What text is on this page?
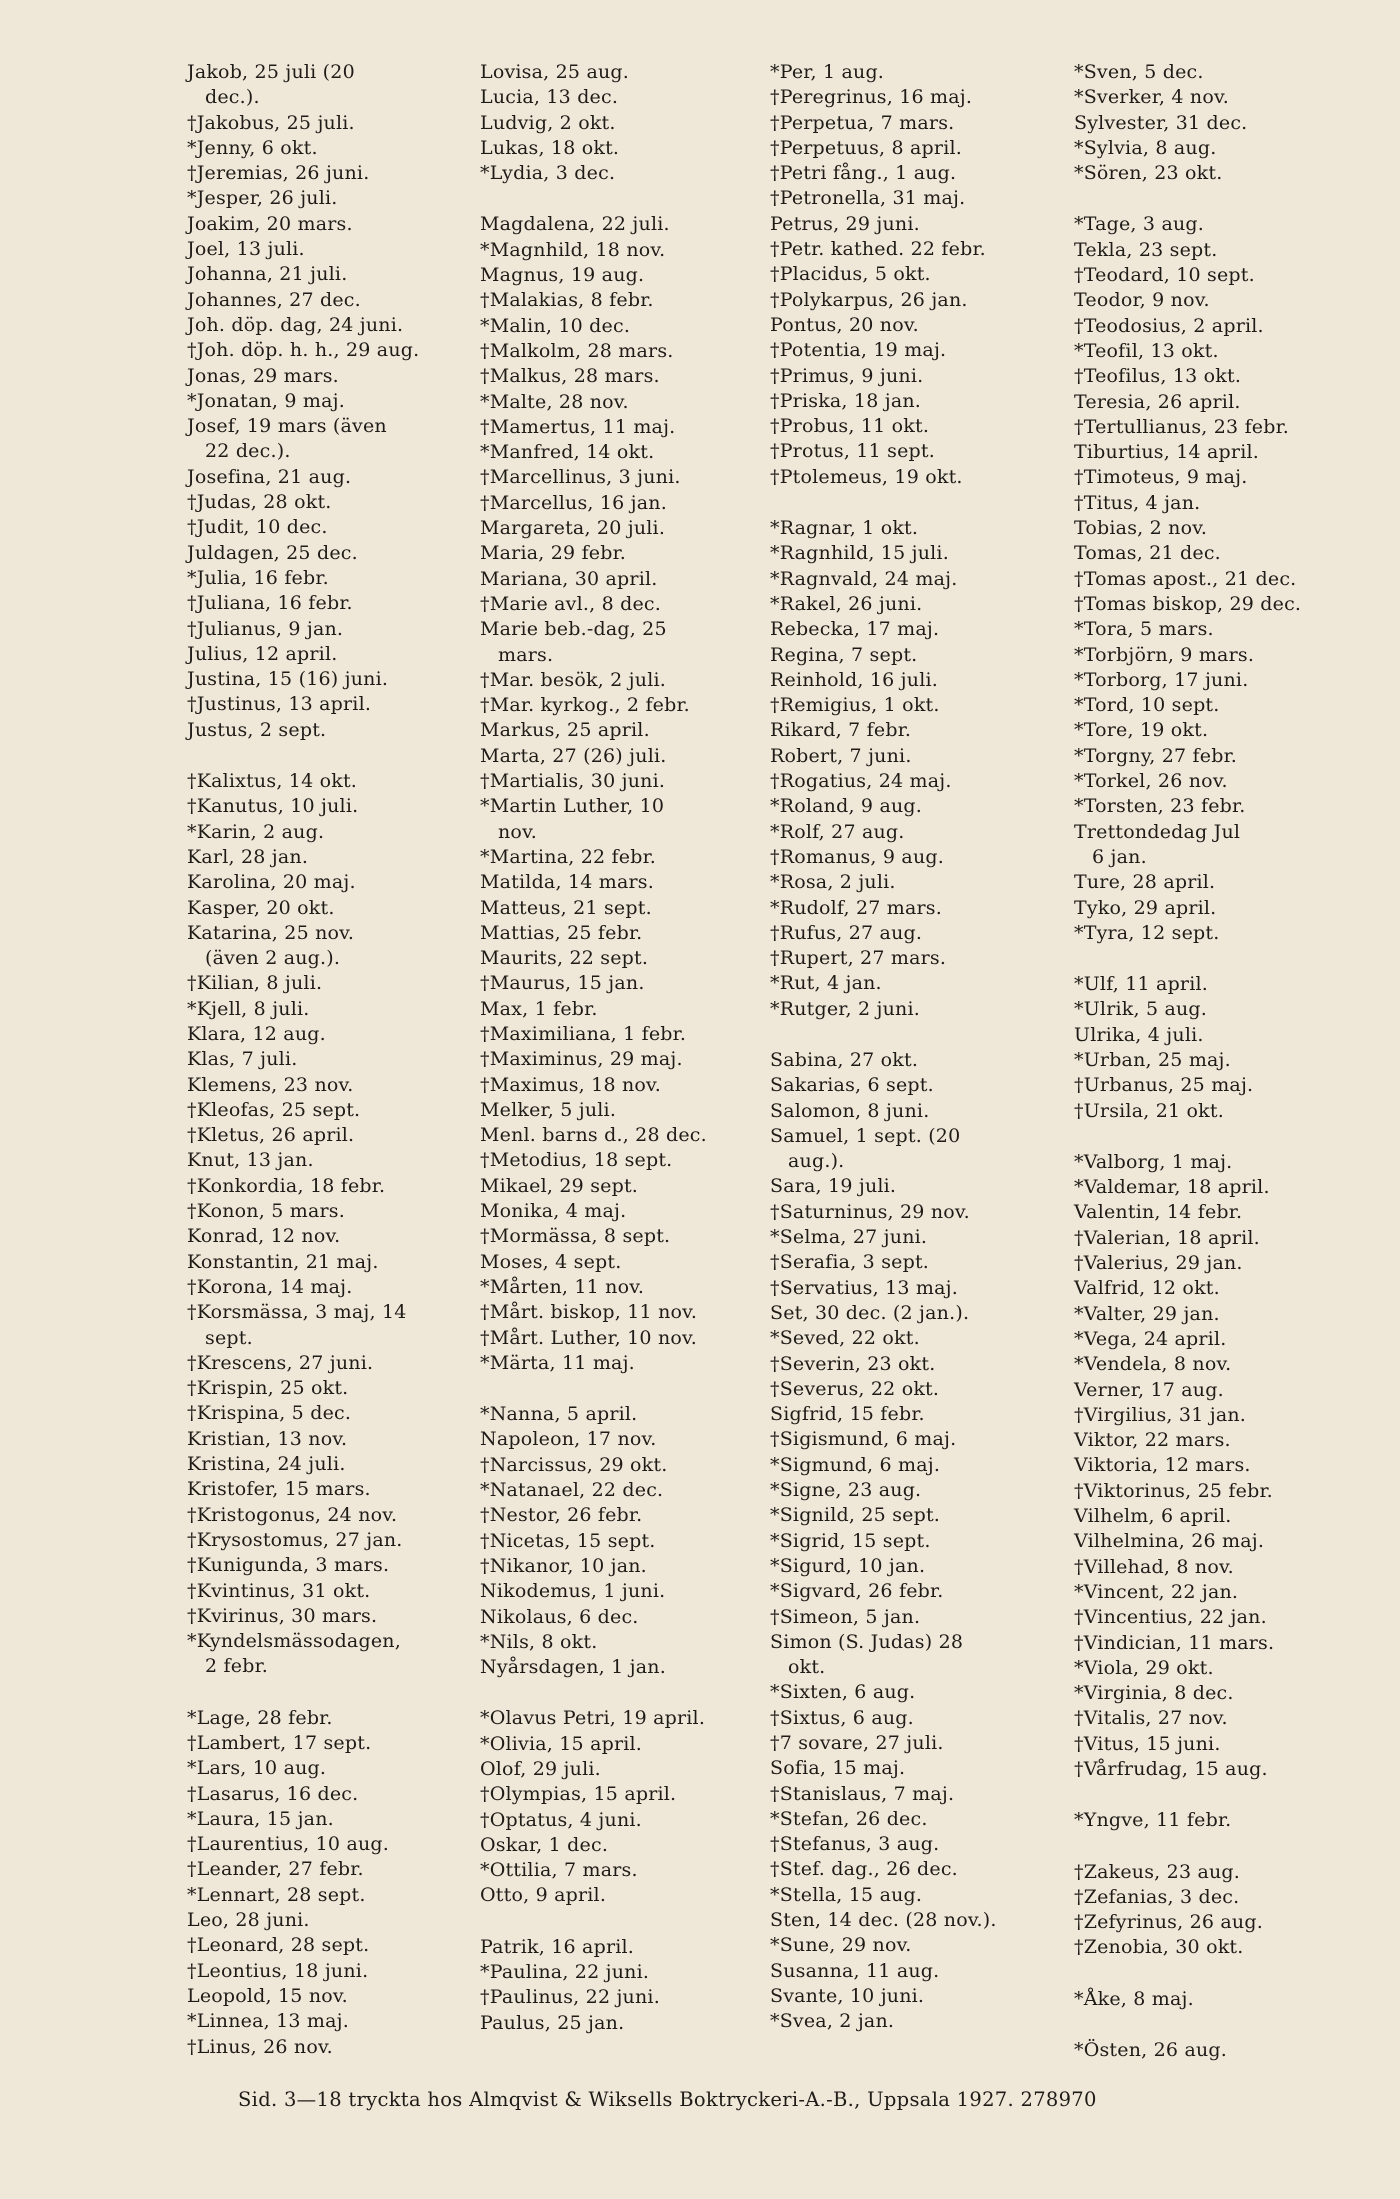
Jakob, 25 juli (20
dec.).
†Jakobus, 25 juli.
*Jenny, 6 okt.
†Jeremias, 26 juni.
*Jesper, 26 juli.
Joakim, 20 mars.
Joel, 13 juli.
Johanna, 21 juli.
Johannes, 27 dec.
Joh. döp. dag, 24 juni.
†Joh. döp. h. h., 29 aug.
Jonas, 29 mars.
*Jonatan, 9 maj.
Josef, 19 mars (även
22 dec.).
Josefina, 21 aug.
†Judas, 28 okt.
†Judit, 10 dec.
Juldagen, 25 dec.
*Julia, 16 febr.
†Juliana, 16 febr.
†Julianus, 9 jan.
Julius, 12 april.
Justina, 15 (16) juni.
†Justinus, 13 april.
Justus, 2 sept.
†Kalixtus, 14 okt.
†Kanutus, 10 juli.
*Karin, 2 aug.
Karl, 28 jan.
Karolina, 20 maj.
Kasper, 20 okt.
Katarina, 25 nov.
(även 2 aug.).
†Kilian, 8 juli.
*Kjell, 8 juli.
Klara, 12 aug.
Klas, 7 juli.
Klemens, 23 nov.
†Kleofas, 25 sept.
†Kletus, 26 april.
Knut, 13 jan.
†Konkordia, 18 febr.
†Konon, 5 mars.
Konrad, 12 nov.
Konstantin, 21 maj.
†Korona, 14 maj.
†Korsmässa, 3 maj, 14
sept.
†Krescens, 27 juni.
†Krispin, 25 okt.
†Krispina, 5 dec.
Kristian, 13 nov.
Kristina, 24 juli.
Kristofer, 15 mars.
†Kristogonus, 24 nov.
†Krysostomus, 27 jan.
†Kunigunda, 3 mars.
†Kvintinus, 31 okt.
†Kvirinus, 30 mars.
*Kyndelsmässodagen,
2 febr.
*Lage, 28 febr.
†Lambert, 17 sept.
*Lars, 10 aug.
†Lasarus, 16 dec.
*Laura, 15 jan.
†Laurentius, 10 aug.
†Leander, 27 febr.
*Lennart, 28 sept.
Leo, 28 juni.
†Leonard, 28 sept.
†Leontius, 18 juni.
Leopold, 15 nov.
*Linnea, 13 maj.
†Linus, 26 nov.
Lovisa, 25 aug.
Lucia, 13 dec.
Ludvig, 2 okt.
Lukas, 18 okt.
*Lydia, 3 dec.
Magdalena, 22 juli.
*Magnhild, 18 nov.
Magnus, 19 aug.
†Malakias, 8 febr.
*Malin, 10 dec.
†Malkolm, 28 mars.
†Malkus, 28 mars.
*Malte, 28 nov.
†Mamertus, 11 maj.
*Manfred, 14 okt.
†Marcellinus, 3 juni.
†Marcellus, 16 jan.
Margareta, 20 juli.
Maria, 29 febr.
Mariana, 30 april.
†Marie avl., 8 dec.
Marie beb.-dag, 25
mars.
†Mar. besök, 2 juli.
†Mar. kyrkog., 2 febr.
Markus, 25 april.
Marta, 27 (26) juli.
†Martialis, 30 juni.
*Martin Luther, 10
nov.
*Martina, 22 febr.
Matilda, 14 mars.
Matteus, 21 sept.
Mattias, 25 febr.
Maurits, 22 sept.
†Maurus, 15 jan.
Max, 1 febr.
†Maximiliana, 1 febr.
†Maximinus, 29 maj.
†Maximus, 18 nov.
Melker, 5 juli.
Menl. barns d., 28 dec.
†Metodius, 18 sept.
Mikael, 29 sept.
Monika, 4 maj.
†Mormässa, 8 sept.
Moses, 4 sept.
*Mårten, 11 nov.
†Mårt. biskop, 11 nov.
†Mårt. Luther, 10 nov.
*Märta, 11 maj.
*Nanna, 5 april.
Napoleon, 17 nov.
†Narcissus, 29 okt.
*Natanael, 22 dec.
†Nestor, 26 febr.
†Nicetas, 15 sept.
†Nikanor, 10 jan.
Nikodemus, 1 juni.
Nikolaus, 6 dec.
*Nils, 8 okt.
Nyårsdagen, 1 jan.
*Olavus Petri, 19 april.
*Olivia, 15 april.
Olof, 29 juli.
†Olympias, 15 april.
†Optatus, 4 juni.
Oskar, 1 dec.
*Ottilia, 7 mars.
Otto, 9 april.
Patrik, 16 april.
*Paulina, 22 juni.
†Paulinus, 22 juni.
Paulus, 25 jan.
*Per, 1 aug.
†Peregrinus, 16 maj.
†Perpetua, 7 mars.
†Perpetuus, 8 april.
†Petri fång., 1 aug.
†Petronella, 31 maj.
Petrus, 29 juni.
†Petr. kathed. 22 febr.
†Placidus, 5 okt.
†Polykarpus, 26 jan.
Pontus, 20 nov.
†Potentia, 19 maj.
†Primus, 9 juni.
†Priska, 18 jan.
†Probus, 11 okt.
†Protus, 11 sept.
†Ptolemeus, 19 okt.
*Ragnar, 1 okt.
*Ragnhild, 15 juli.
*Ragnvald, 24 maj.
*Rakel, 26 juni.
Rebecka, 17 maj.
Regina, 7 sept.
Reinhold, 16 juli.
†Remigius, 1 okt.
Rikard, 7 febr.
Robert, 7 juni.
†Rogatius, 24 maj.
*Roland, 9 aug.
*Rolf, 27 aug.
†Romanus, 9 aug.
*Rosa, 2 juli.
*Rudolf, 27 mars.
†Rufus, 27 aug.
†Rupert, 27 mars.
*Rut, 4 jan.
*Rutger, 2 juni.
Sabina, 27 okt.
Sakarias, 6 sept.
Salomon, 8 juni.
Samuel, 1 sept. (20
aug.).
Sara, 19 juli.
†Saturninus, 29 nov.
*Selma, 27 juni.
†Serafia, 3 sept.
†Servatius, 13 maj.
Set, 30 dec. (2 jan.).
*Seved, 22 okt.
†Severin, 23 okt.
†Severus, 22 okt.
Sigfrid, 15 febr.
†Sigismund, 6 maj.
*Sigmund, 6 maj.
*Signe, 23 aug.
*Signild, 25 sept.
*Sigrid, 15 sept.
*Sigurd, 10 jan.
*Sigvard, 26 febr.
†Simeon, 5 jan.
Simon (S. Judas) 28
okt.
*Sixten, 6 aug.
†Sixtus, 6 aug.
†7 sovare, 27 juli.
Sofia, 15 maj.
†Stanislaus, 7 maj.
*Stefan, 26 dec.
†Stefanus, 3 aug.
†Stef. dag., 26 dec.
*Stella, 15 aug.
Sten, 14 dec. (28 nov.).
*Sune, 29 nov.
Susanna, 11 aug.
Svante, 10 juni.
*Svea, 2 jan.
*Sven, 5 dec.
*Sverker, 4 nov.
Sylvester, 31 dec.
*Sylvia, 8 aug.
*Sören, 23 okt.
*Tage, 3 aug.
Tekla, 23 sept.
†Teodard, 10 sept.
Teodor, 9 nov.
†Teodosius, 2 april.
*Teofil, 13 okt.
†Teofilus, 13 okt.
Teresia, 26 april.
†Tertullianus, 23 febr.
Tiburtius, 14 april.
†Timoteus, 9 maj.
†Titus, 4 jan.
Tobias, 2 nov.
Tomas, 21 dec.
†Tomas apost., 21 dec.
†Tomas biskop, 29 dec.
*Tora, 5 mars.
*Torbjörn, 9 mars.
*Torborg, 17 juni.
*Tord, 10 sept.
*Tore, 19 okt.
*Torgny, 27 febr.
*Torkel, 26 nov.
*Torsten, 23 febr.
Trettondedag Jul
6 jan.
Ture, 28 april.
Tyko, 29 april.
*Tyra, 12 sept.
*Ulf, 11 april.
*Ulrik, 5 aug.
Ulrika, 4 juli.
*Urban, 25 maj.
†Urbanus, 25 maj.
†Ursila, 21 okt.
*Valborg, 1 maj.
*Valdemar, 18 april.
Valentin, 14 febr.
†Valerian, 18 april.
†Valerius, 29 jan.
Valfrid, 12 okt.
*Valter, 29 jan.
*Vega, 24 april.
*Vendela, 8 nov.
Verner, 17 aug.
†Virgilius, 31 jan.
Viktor, 22 mars.
Viktoria, 12 mars.
†Viktorinus, 25 febr.
Vilhelm, 6 april.
Vilhelmina, 26 maj.
†Villehad, 8 nov.
*Vincent, 22 jan.
†Vincentius, 22 jan.
†Vindician, 11 mars.
*Viola, 29 okt.
*Virginia, 8 dec.
†Vitalis, 27 nov.
†Vitus, 15 juni.
†Vårfrudag, 15 aug.
*Yngve, 11 febr.
†Zakeus, 23 aug.
†Zefanias, 3 dec.
†Zefyrinus, 26 aug.
†Zenobia, 30 okt.
*Åke, 8 maj.
*Östen, 26 aug.
Sid. 3—18 tryckta hos Almqvist & Wiksells Boktryckeri-A.-B., Uppsala 1927. 278970
